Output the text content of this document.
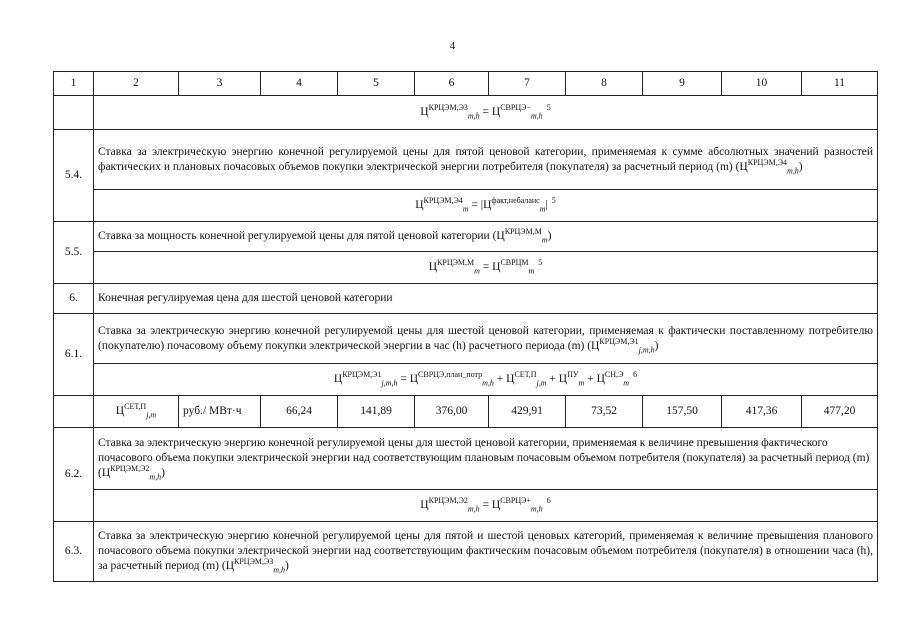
4
1	2	3	4	5	6	7	8	9	10	11
	$Ц^{КРЦЭМ,Э3}_{m,h} = Ц^{СВРЦЭ-}_{m,h}^5$
5.4.	Ставка за электрическую энергию конечной регулируемой цены для пятой ценовой категории, применяемая к сумме абсолютных значений разностей фактических и плановых почасовых объемов покупки электрической энергии потребителя (покупателя) за расчетный период (m) $(Ц^{КРЦЭМ,Э4}_{m,h})$									
	$Ц^{КРЦЭМ,Э4}_m = |Ц^{факт,небаланс}_m|$ $^5$
5.5.	Ставка за мощность конечной регулируемой цены для пятой ценовой категории $(Ц^{КРЦЭМ,М}_m)$									
	$Ц^{КРЦЭМ,М}_m = Ц^{СВРЦМ}_m^5$
6.	Конечная регулируемая цена для шестой ценовой категории									
6.1.	Ставка за электрическую энергию конечной регулируемой цены для шестой ценовой категории, применяемая к фактически поставленному потребителю (покупателю) почасовому объему покупки электрической энергии в час (h) расчетного периода (m) $(Ц^{КРЦЭМ,Э1}_{j,m,h})$									
	$Ц^{КРЦЭМ,Э1}_{j,m,h} = Ц^{СВРЦЭ,план\_потр}_{m,h} + Ц^{СЕТ,П}_{j,m} + Ц^{ПУ}_m + Ц^{СН,Э}_m^6$
	$Ц^{СЕТ,П}_{j,m}$	руб./ МВт·ч	66,24	141,89	376,00	429,91	73,52	157,50	417,36	477,20
6.2.	Ставка за электрическую энергию конечной регулируемой цены для шестой ценовой категории, применяемая к величине превышения фактического почасового объема покупки электрической энергии над соответствующим плановым почасовым объемом потребителя (покупателя) за расчетный период (m) $(Ц^{КРЦЭМ,Э2}_{m,h})$									
	$Ц^{КРЦЭМ,Э2}_{m,h} = Ц^{СВРЦЭ+}_{m,h}^6$
6.3.	Ставка за электрическую энергию конечной регулируемой цены для пятой и шестой ценовых категорий, применяемая к величине превышения планового почасового объема покупки электрической энергии над соответствующим фактическим почасовым объемом потребителя (покупателя) в отношении часа (h), за расчетный период (m) $(Ц^{КРЦЭМ,Э3}_{m,h})$									
